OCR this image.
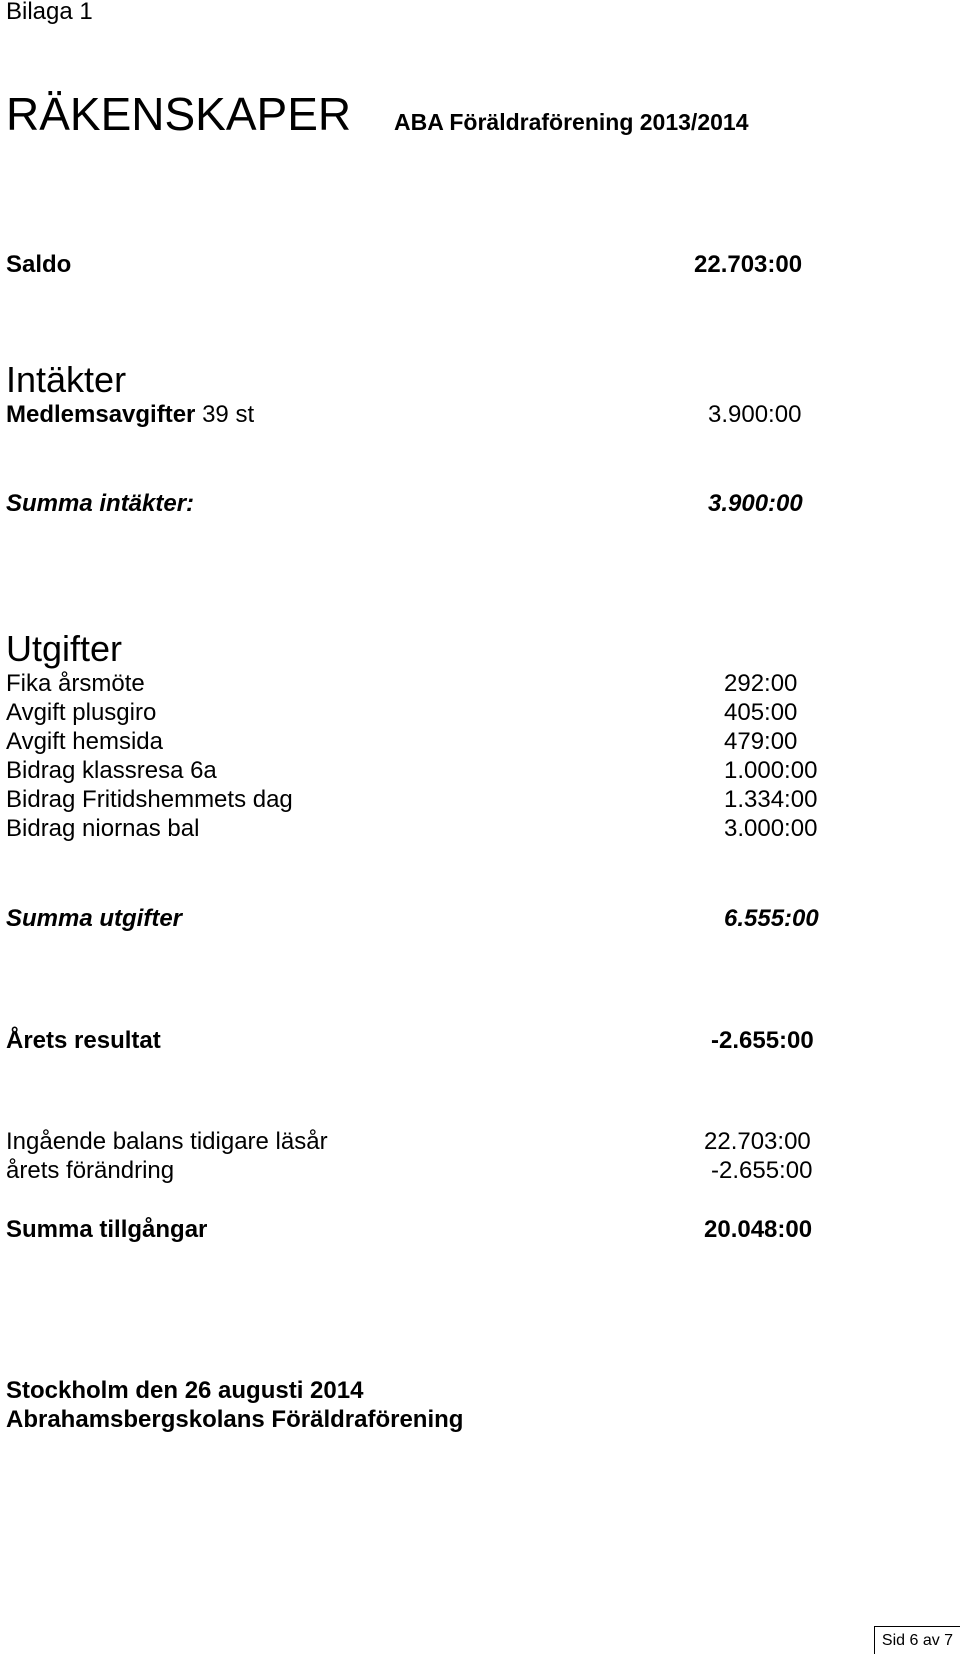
Bilaga 1
RÄKENSKAPER ABA Föräldraförening 2013/2014
Saldo	22.703:00
Intäkter
Medlemsavgifter 39 st	3.900:00
Summa intäkter:	3.900:00
Utgifter
Fika årsmöte	292:00
Avgift plusgiro	405:00
Avgift hemsida	479:00
Bidrag klassresa 6a	1.000:00
Bidrag Fritidshemmets dag	1.334:00
Bidrag niornas bal	3.000:00
Summa utgifter	6.555:00
Årets resultat	-2.655:00
Ingående balans tidigare läsår	22.703:00
årets förändring	-2.655:00
Summa tillgångar	20.048:00
Stockholm den 26 augusti 2014
Abrahamsbergskolans Föräldraförening
Sid 6 av 7
